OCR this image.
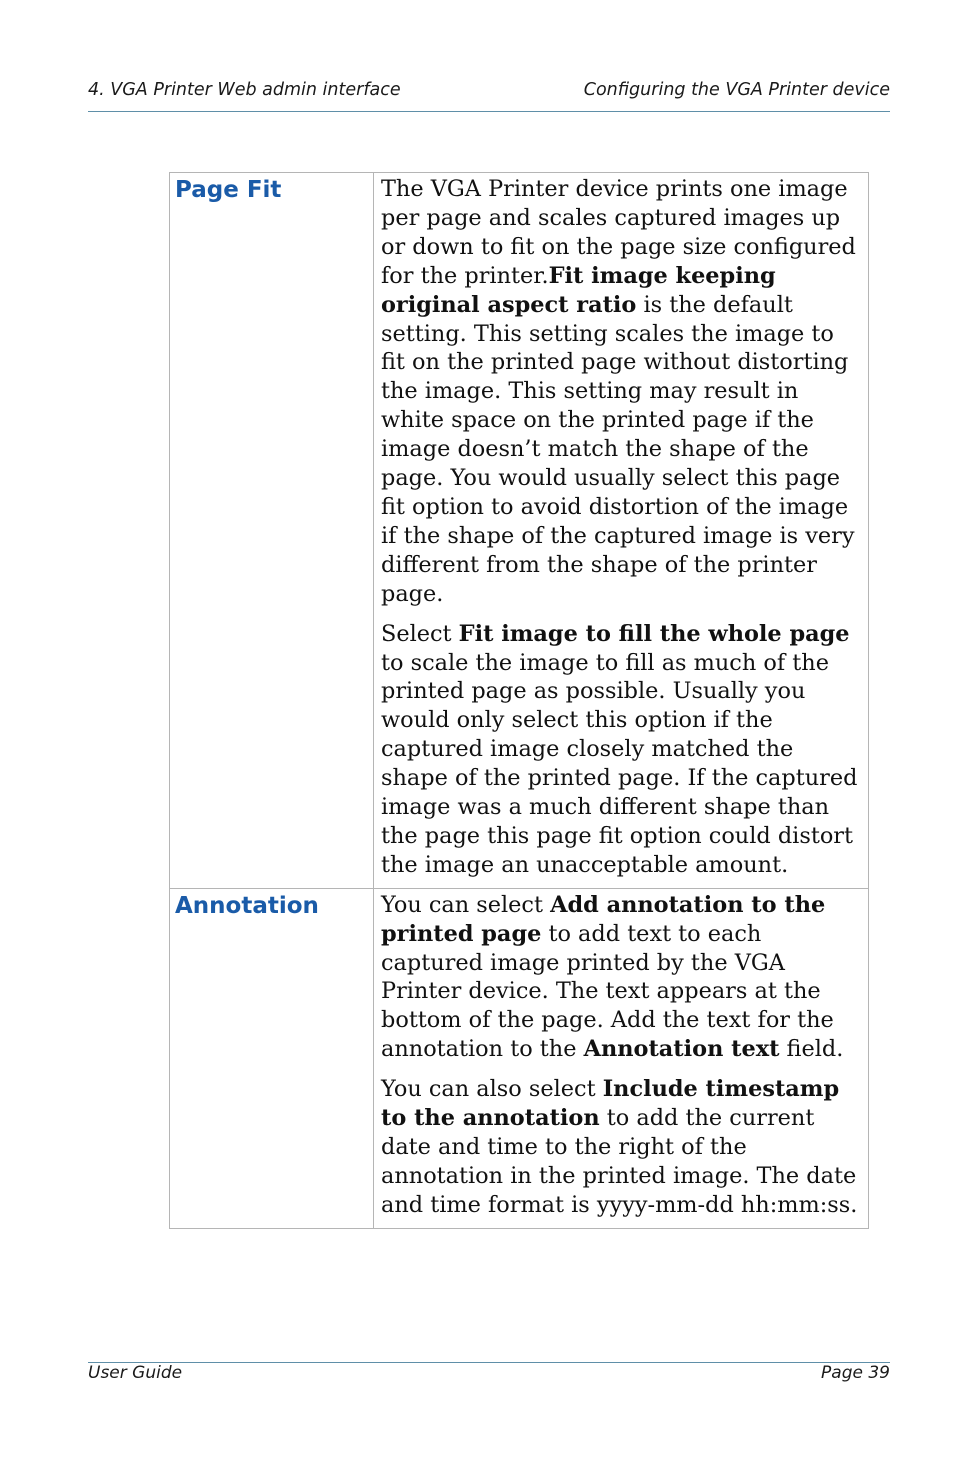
4. VGA Printer Web admin interface	Configuring the VGA Printer device
Page Fit	The VGA Printer device prints one image per page and scales captured images up or down to fit on the page size configured for the printer.Fit image keeping original aspect ratio is the default setting. This setting scales the image to fit on the printed page without distorting the image. This setting may result in white space on the printed page if the image doesn’t match the shape of the page. You would usually select this page fit option to avoid distortion of the image if the shape of the captured image is very different from the shape of the printer page.

Select Fit image to fill the whole page to scale the image to fill as much of the printed page as possible. Usually you would only select this option if the captured image closely matched the shape of the printed page. If the captured image was a much different shape than the page this page fit option could distort the image an unacceptable amount.

Annotation	You can select Add annotation to the printed page to add text to each captured image printed by the VGA Printer device. The text appears at the bottom of the page. Add the text for the annotation to the Annotation text field.

You can also select Include timestamp to the annotation to add the current date and time to the right of the annotation in the printed image. The date and time format is yyyy-mm-dd hh:mm:ss.

User Guide	Page 39
